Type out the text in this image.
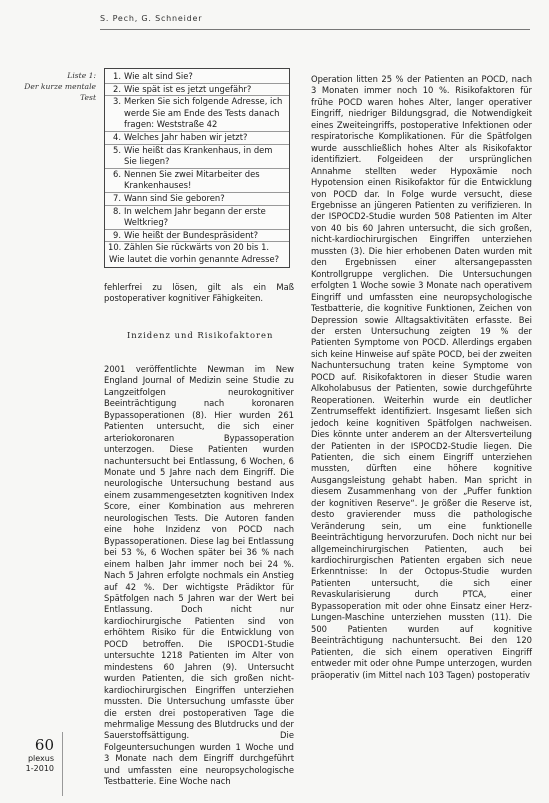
S. Pech, G. Schneider
Liste 1:
Der kurze mentale
Test
1. Wie alt sind Sie?
2. Wie spät ist es jetzt ungefähr?
3. Merken Sie sich folgende Adresse, ich werde Sie am Ende des Tests danach fragen: Weststraße 42
4. Welches Jahr haben wir jetzt?
5. Wie heißt das Krankenhaus, in dem Sie liegen?
6. Nennen Sie zwei Mitarbeiter des Krankenhauses!
7. Wann sind Sie geboren?
8. In welchem Jahr begann der erste Weltkrieg?
9. Wie heißt der Bundespräsident?
10. Zählen Sie rückwärts von 20 bis 1.
Wie lautet die vorhin genannte Adresse?

fehlerfrei zu lösen, gilt als ein Maß postoperativer kognitiver Fähigkeiten.

Inzidenz und Risikofaktoren

2001 veröffentlichte Newman im New England Journal of Medizin seine Studie zu Langzeitfolgen neurokognitiver Beeinträchtigung nach koronaren Bypassoperationen (8). Hier wurden 261 Patienten untersucht, die sich einer arteriokoronaren Bypassoperation unterzogen. Diese Patienten wurden nachuntersucht bei Entlassung, 6 Wochen, 6 Monate und 5 Jahre nach dem Eingriff. Die neurologische Untersuchung bestand aus einem zusammengesetzten kognitiven Index Score, einer Kombination aus mehreren neurologischen Tests. Die Autoren fanden eine hohe Inzidenz von POCD nach Bypassoperationen. Diese lag bei Entlassung bei 53 %, 6 Wochen später bei 36 % nach einem halben Jahr immer noch bei 24 %. Nach 5 Jahren erfolgte nochmals ein Anstieg auf 42 %. Der wichtigste Prädiktor für Spätfolgen nach 5 Jahren war der Wert bei Entlassung. Doch nicht nur kardiochirurgische Patienten sind von erhöhtem Risiko für die Entwicklung von POCD betroffen. Die ISPOCD1-Studie untersuchte 1218 Patienten im Alter von mindestens 60 Jahren (9). Untersucht wurden Patienten, die sich großen nicht-kardiochirurgischen Eingriffen unterziehen mussten. Die Untersuchung umfasste über die ersten drei postoperativen Tage die mehrmalige Messung des Blutdrucks und der Sauerstoffsättigung. Die Folgeuntersuchungen wurden 1 Woche und 3 Monate nach dem Eingriff durchgeführt und umfassten eine neuropsychologische Testbatterie. Eine Woche nach

Operation litten 25 % der Patienten an POCD, nach 3 Monaten immer noch 10 %. Risikofaktoren für frühe POCD waren hohes Alter, langer operativer Eingriff, niedriger Bildungsgrad, die Notwendigkeit eines Zweiteingriffs, postoperative Infektionen oder respiratorische Komplikationen. Für die Spätfolgen wurde ausschließlich hohes Alter als Risikofaktor identifiziert. Folgeideen der ursprünglichen Annahme stellten weder Hypoxämie noch Hypotension einen Risikofaktor für die Entwicklung von POCD dar. In Folge wurde versucht, diese Ergebnisse an jüngeren Patienten zu verifizieren. In der ISPOCD2-Studie wurden 508 Patienten im Alter von 40 bis 60 Jahren untersucht, die sich großen, nicht-kardiochirurgischen Eingriffen unterziehen mussten (3). Die hier erhobenen Daten wurden mit den Ergebnissen einer altersangepassten Kontrollgruppe verglichen. Die Untersuchungen erfolgten 1 Woche sowie 3 Monate nach operativem Eingriff und umfassten eine neuropsychologische Testbatterie, die kognitive Funktionen, Zeichen von Depression sowie Alltagsaktivitäten erfasste. Bei der ersten Untersuchung zeigten 19 % der Patienten Symptome von POCD. Allerdings ergaben sich keine Hinweise auf späte POCD, bei der zweiten Nachuntersuchung traten keine Symptome von POCD auf. Risikofaktoren in dieser Studie waren Alkoholabusus der Patienten, sowie durchgeführte Reoperationen. Weiterhin wurde ein deutlicher Zentrumseffekt identifiziert. Insgesamt ließen sich jedoch keine kognitiven Spätfolgen nachweisen. Dies könnte unter anderem an der Altersverteilung der Patienten in der ISPOCD2-Studie liegen. Die Patienten, die sich einem Eingriff unterziehen mussten, dürften eine höhere kognitive Ausgangsleistung gehabt haben. Man spricht in diesem Zusammenhang von der „Puffer funktion der kognitiven Reserve“. Je größer die Reserve ist, desto gravierender muss die pathologische Veränderung sein, um eine funktionelle Beeinträchtigung hervorzurufen. Doch nicht nur bei allgemeinchirurgischen Patienten, auch bei kardiochirurgischen Patienten ergaben sich neue Erkenntnisse: In der Octopus-Studie wurden Patienten untersucht, die sich einer Revaskularisierung durch PTCA, einer Bypassoperation mit oder ohne Einsatz einer Herz-Lungen-Maschine unterziehen mussten (11). Die 500 Patienten wurden auf kognitive Beeinträchtigung nachuntersucht. Bei den 120 Patienten, die sich einem operativen Eingriff entweder mit oder ohne Pumpe unterzogen, wurden präoperativ (im Mittel nach 103 Tagen) postoperativ

60
plexus
1-2010
